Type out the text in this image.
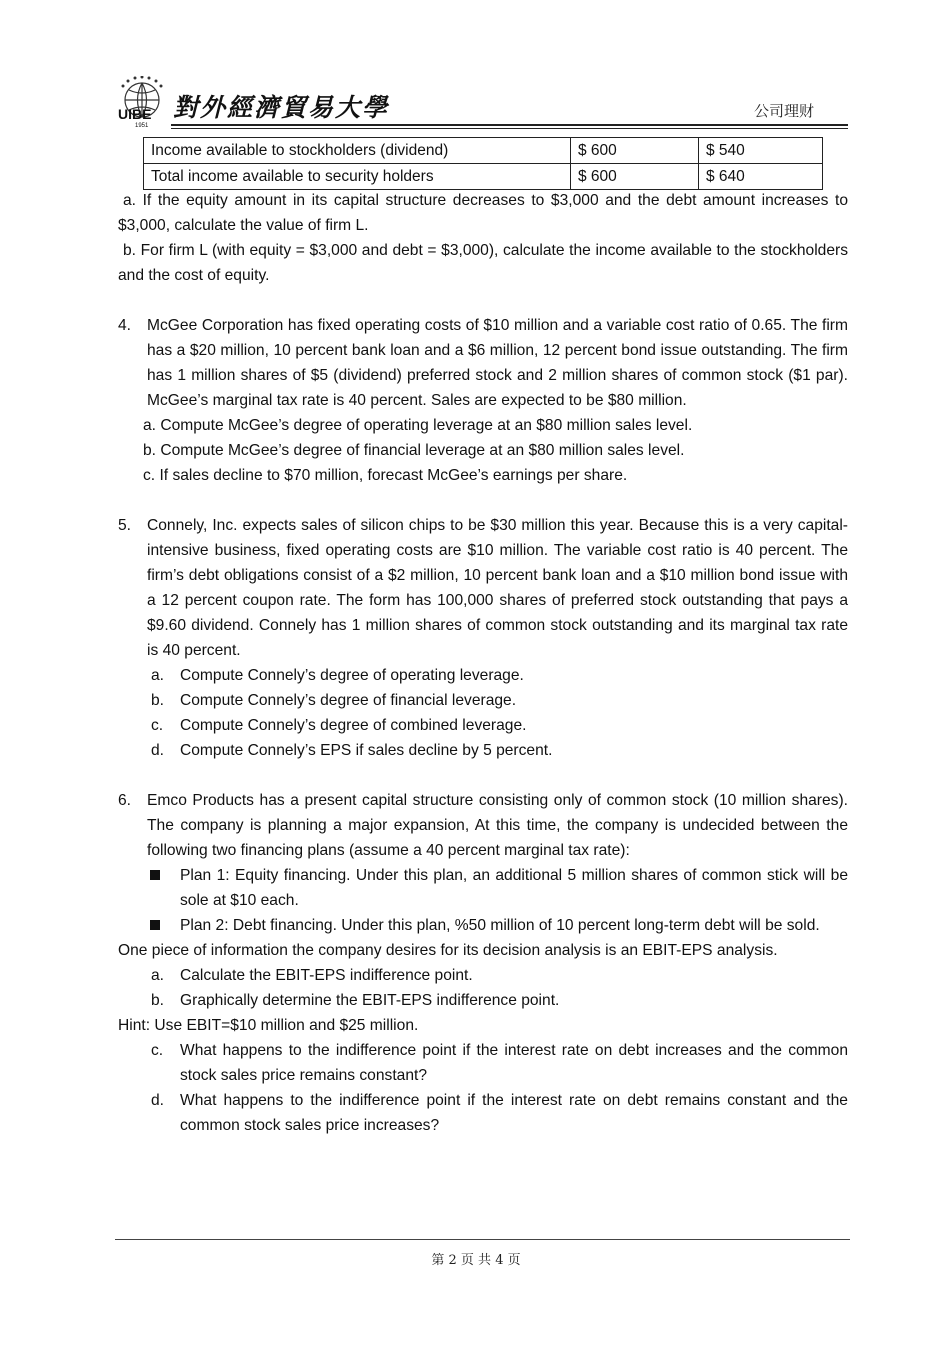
UIBE
1951
對外經濟貿易大學	公司理财
Income available to stockholders (dividend)	$ 600	$ 540
Total income available to security holders	$ 600	$ 640

a. If the equity amount in its capital structure decreases to $3,000 and the debt amount increases to $3,000, calculate the value of firm L.

b. For firm L (with equity = $3,000 and debt = $3,000), calculate the income available to the stockholders and the cost of equity.

4.	McGee Corporation has fixed operating costs of $10 million and a variable cost ratio of 0.65. The firm has a $20 million, 10 percent bank loan and a $6 million, 12 percent bond issue outstanding. The firm has 1 million shares of $5 (dividend) preferred stock and 2 million shares of common stock ($1 par). McGee’s marginal tax rate is 40 percent. Sales are expected to be $80 million.

a. Compute McGee’s degree of operating leverage at an $80 million sales level.

b. Compute McGee’s degree of financial leverage at an $80 million sales level.

c. If sales decline to $70 million, forecast McGee’s earnings per share.

5.	Connely, Inc. expects sales of silicon chips to be $30 million this year. Because this is a very capital-intensive business, fixed operating costs are $10 million. The variable cost ratio is 40 percent. The firm’s debt obligations consist of a $2 million, 10 percent bank loan and a $10 million bond issue with a 12 percent coupon rate. The form has 100,000 shares of preferred stock outstanding that pays a $9.60 dividend. Connely has 1 million shares of common stock outstanding and its marginal tax rate is 40 percent.
a.	Compute Connely’s degree of operating leverage.
b.	Compute Connely’s degree of financial leverage.
c.	Compute Connely’s degree of combined leverage.
d.	Compute Connely’s EPS if sales decline by 5 percent.
6.	Emco Products has a present capital structure consisting only of common stock (10 million shares). The company is planning a major expansion, At this time, the company is undecided between the following two financing plans (assume a 40 percent marginal tax rate):
Plan 1: Equity financing. Under this plan, an additional 5 million shares of common stick will be sole at $10 each.
Plan 2: Debt financing. Under this plan, %50 million of 10 percent long-term debt will be sold.

One piece of information the company desires for its decision analysis is an EBIT-EPS analysis.

a.	Calculate the EBIT-EPS indifference point.
b.	Graphically determine the EBIT-EPS indifference point.

Hint: Use EBIT=$10 million and $25 million.

c.	What happens to the indifference point if the interest rate on debt increases and the common stock sales price remains constant?
d.	What happens to the indifference point if the interest rate on debt remains constant and the common stock sales price increases?
第 2 页 共 4 页
